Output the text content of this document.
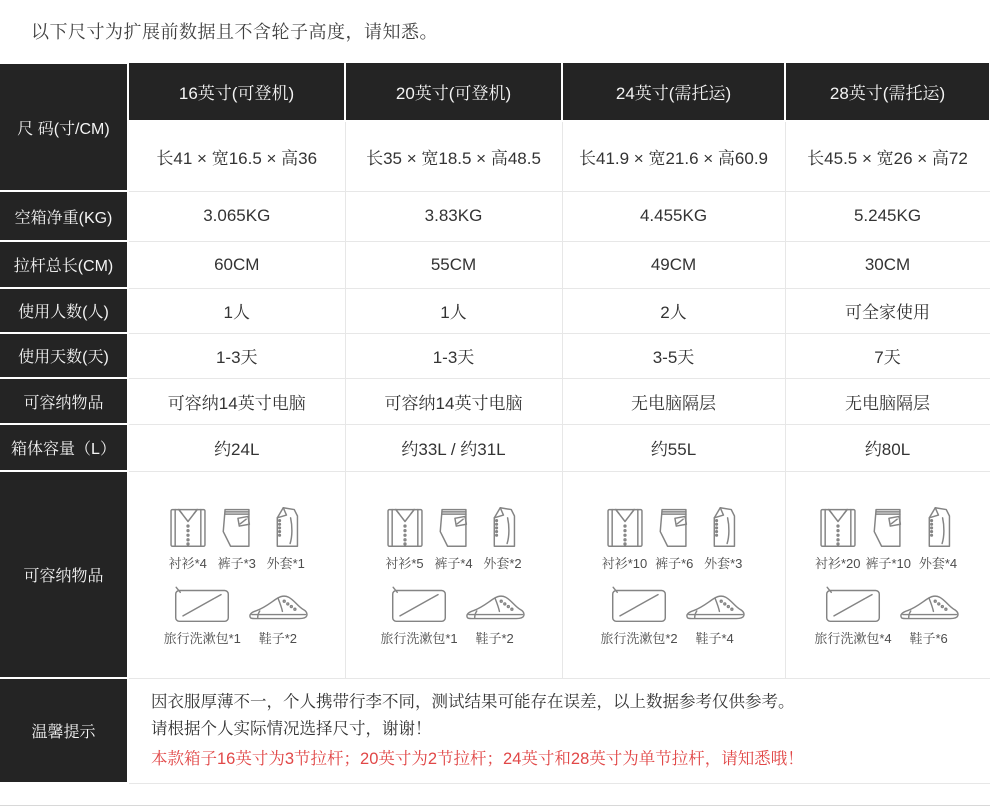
以下尺寸为扩展前数据且不含轮子高度，请知悉。
尺 码(寸/CM)	16英寸(可登机)	20英寸(可登机)	24英寸(需托运)	28英寸(需托运)
	长41 × 宽16.5 × 高36	长35 × 宽18.5 × 高48.5	长41.9 × 宽21.6 × 高60.9	长45.5 × 宽26 × 高72
空箱净重(KG)	3.065KG	3.83KG	4.455KG	5.245KG
拉杆总长(CM)	60CM	55CM	49CM	30CM
使用人数(人)	1人	1人	2人	可全家使用
使用天数(天)	1-3天	1-3天	3-5天	7天
可容纳物品	可容纳14英寸电脑	可容纳14英寸电脑	无电脑隔层	无电脑隔层
箱体容量（L）	约24L	约33L / 约31L	约55L	约80L
可容纳物品	
衬衫*4 裤子*3 外套*1
旅行洗漱包*1 鞋子*2

衬衫*5 裤子*4 外套*2
旅行洗漱包*1 鞋子*2

衬衫*10 裤子*6 外套*3
旅行洗漱包*2 鞋子*4

衬衫*20 裤子*10 外套*4
旅行洗漱包*4 鞋子*6

温馨提示	因衣服厚薄不一，个人携带行李不同，测试结果可能存在误差，以上数据参考仅供参考。
请根据个人实际情况选择尺寸，谢谢！
本款箱子16英寸为3节拉杆；20英寸为2节拉杆；24英寸和28英寸为单节拉杆，请知悉哦！			
